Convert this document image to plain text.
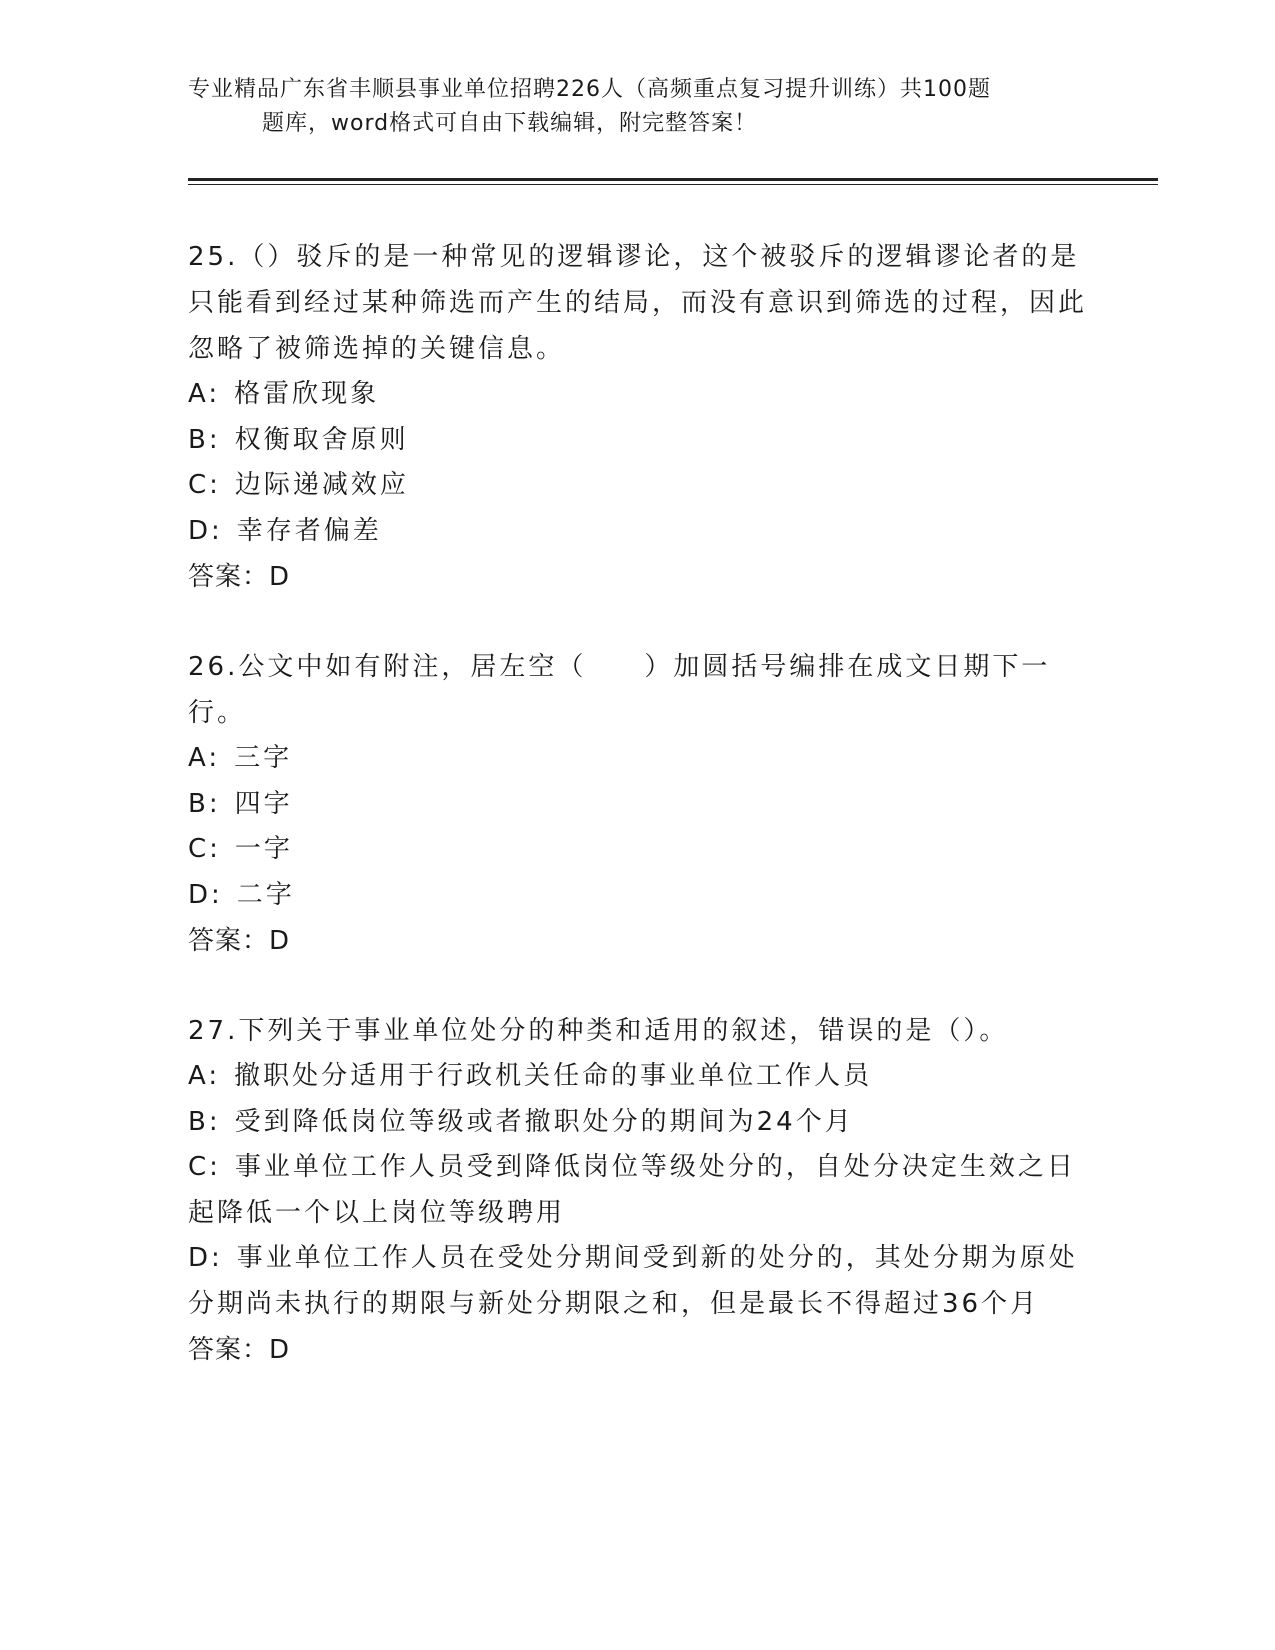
专业精品广东省丰顺县事业单位招聘226人（高频重点复习提升训练）共100题
题库，word格式可自由下载编辑，附完整答案！

25.（）驳斥的是一种常见的逻辑谬论，这个被驳斥的逻辑谬论者的是只能看到经过某种筛选而产生的结局，而没有意识到筛选的过程，因此忽略了被筛选掉的关键信息。

A: 格雷欣现象

B: 权衡取舍原则

C: 边际递减效应

D: 幸存者偏差

答案：D

26.公文中如有附注，居左空（　　）加圆括号编排在成文日期下一行。

A: 三字

B: 四字

C: 一字

D: 二字

答案：D

27.下列关于事业单位处分的种类和适用的叙述，错误的是（）。

A: 撤职处分适用于行政机关任命的事业单位工作人员

B: 受到降低岗位等级或者撤职处分的期间为24个月

C: 事业单位工作人员受到降低岗位等级处分的，自处分决定生效之日起降低一个以上岗位等级聘用

D: 事业单位工作人员在受处分期间受到新的处分的，其处分期为原处分期尚未执行的期限与新处分期限之和，但是最长不得超过36个月

答案：D
